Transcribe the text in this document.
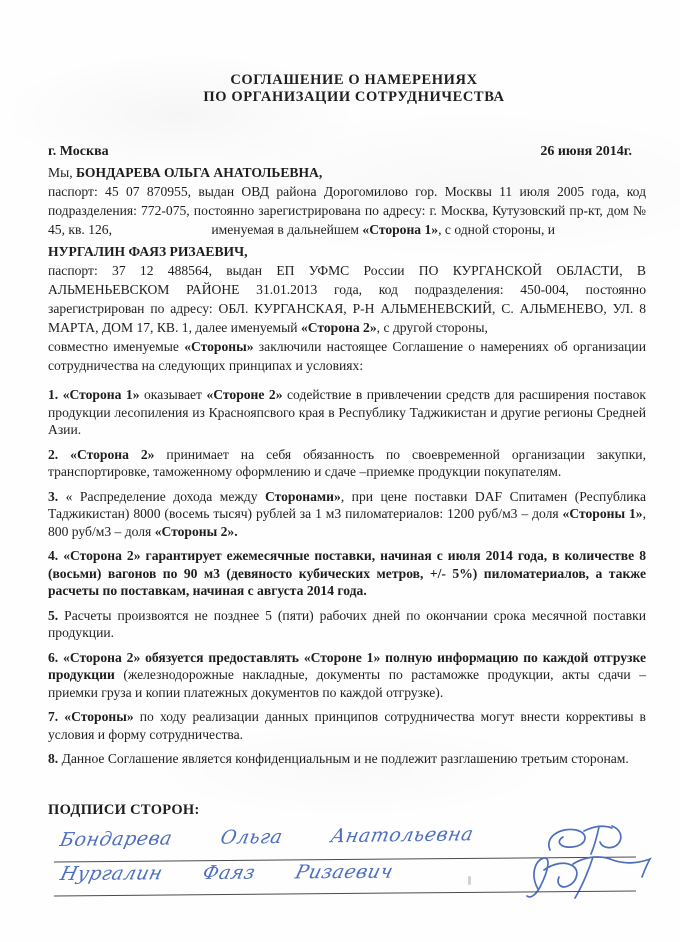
СОГЛАШЕНИЕ О НАМЕРЕНИЯХ
ПО ОРГАНИЗАЦИИ СОТРУДНИЧЕСТВА
г. Москва	26 июня 2014г.
Мы, БОНДАРЕВА ОЛЬГА АНАТОЛЬЕВНА,

паспорт: 45 07 870955, выдан ОВД района Дорогомилово гор. Москвы 11 июля 2005 года, код подразделения: 772-075, постоянно зарегистрирована по адресу: г. Москва, Кутузовский пр-кт, дом № 45, кв. 126,	именуемая в дальнейшем «Сторона 1», с одной стороны, и

НУРГАЛИН ФАЯЗ РИЗАЕВИЧ,

паспорт: 37 12 488564, выдан ЕП УФМС России ПО КУРГАНСКОЙ ОБЛАСТИ, В АЛЬМЕНЬЕВСКОМ РАЙОНЕ 31.01.2013 года, код подразделения: 450-004, постоянно зарегистрирован по адресу: ОБЛ. КУРГАНСКАЯ, Р-Н АЛЬМЕНЕВСКИЙ, С. АЛЬМЕНЕВО, УЛ. 8 МАРТА, ДОМ 17, КВ. 1, далее именуемый «Сторона 2», с другой стороны,

совместно именуемые «Стороны» заключили настоящее Соглашение о намерениях об организации сотрудничества на следующих принципах и условиях:

1. «Сторона 1» оказывает «Стороне 2» содействие в привлечении средств для расширения поставок продукции лесопиления из Краснояпсвого края в Республику Таджикистан и другие регионы Средней Азии.

2. «Сторона 2» принимает на себя обязанность по своевременной организации закупки, транспортировке, таможенному оформлению и сдаче –приемке продукции покупателям.

3. « Распределение дохода между Сторонами», при цене поставки DAF Спитамен (Республика Таджикистан) 8000 (восемь тысяч) рублей за 1 м3 пиломатериалов: 1200 руб/м3 – доля «Стороны 1», 800 руб/м3 – доля «Стороны 2».

4. «Сторона 2» гарантирует ежемесячные поставки, начиная с июля 2014 года, в количестве 8 (восьми) вагонов по 90 м3 (девяносто кубических метров, +/- 5%) пиломатериалов, а также расчеты по поставкам, начиная с августа 2014 года.

5. Расчеты произвоятся не позднее 5 (пяти) рабочих дней по окончании срока месячной поставки продукции.

6. «Сторона 2» обязуется предоставлять «Стороне 1» полную информацию по каждой отгрузке продукции (железнодорожные накладные, документы по растаможке продукции, акты сдачи –приемки груза и копии платежных документов по каждой отгрузке).

7. «Стороны» по ходу реализации данных принципов сотрудничества могут внести коррективы в условия и форму сотрудничества.

8. Данное Соглашение является конфиденциальным и не подлежит разглашению третьим сторонам.

ПОДПИСИ СТОРОН:
Бондарева Ольга Анатольевна
Нургалин Фаяз Ризаевич
